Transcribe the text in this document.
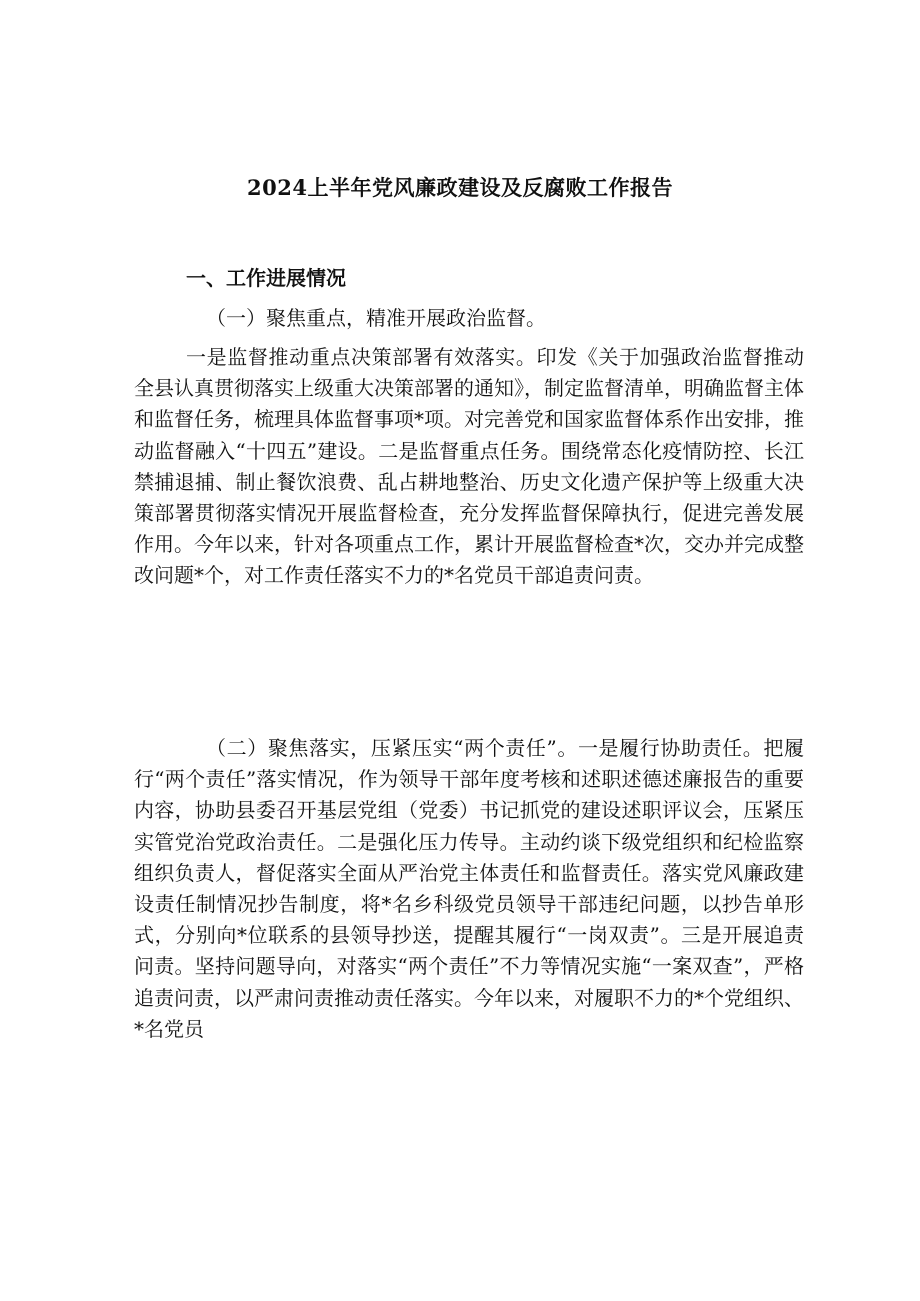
2024上半年党风廉政建设及反腐败工作报告
一、工作进展情况

（一）聚焦重点，精准开展政治监督。

一是监督推动重点决策部署有效落实。印发《关于加强政治监督推动全县认真贯彻落实上级重大决策部署的通知》，制定监督清单，明确监督主体和监督任务，梳理具体监督事项*项。对完善党和国家监督体系作出安排，推动监督融入“十四五”建设。二是监督重点任务。围绕常态化疫情防控、长江禁捕退捕、制止餐饮浪费、乱占耕地整治、历史文化遗产保护等上级重大决策部署贯彻落实情况开展监督检查，充分发挥监督保障执行，促进完善发展作用。今年以来，针对各项重点工作，累计开展监督检查*次，交办并完成整改问题*个，对工作责任落实不力的*名党员干部追责问责。

（二）聚焦落实，压紧压实“两个责任”。一是履行协助责任。把履行“两个责任”落实情况，作为领导干部年度考核和述职述德述廉报告的重要内容，协助县委召开基层党组（党委）书记抓党的建设述职评议会，压紧压实管党治党政治责任。二是强化压力传导。主动约谈下级党组织和纪检监察组织负责人，督促落实全面从严治党主体责任和监督责任。落实党风廉政建设责任制情况抄告制度，将*名乡科级党员领导干部违纪问题，以抄告单形式，分别向*位联系的县领导抄送，提醒其履行“一岗双责”。三是开展追责问责。坚持问题导向，对落实“两个责任”不力等情况实施“一案双查”，严格追责问责，以严肃问责推动责任落实。今年以来，对履职不力的*个党组织、*名党员
